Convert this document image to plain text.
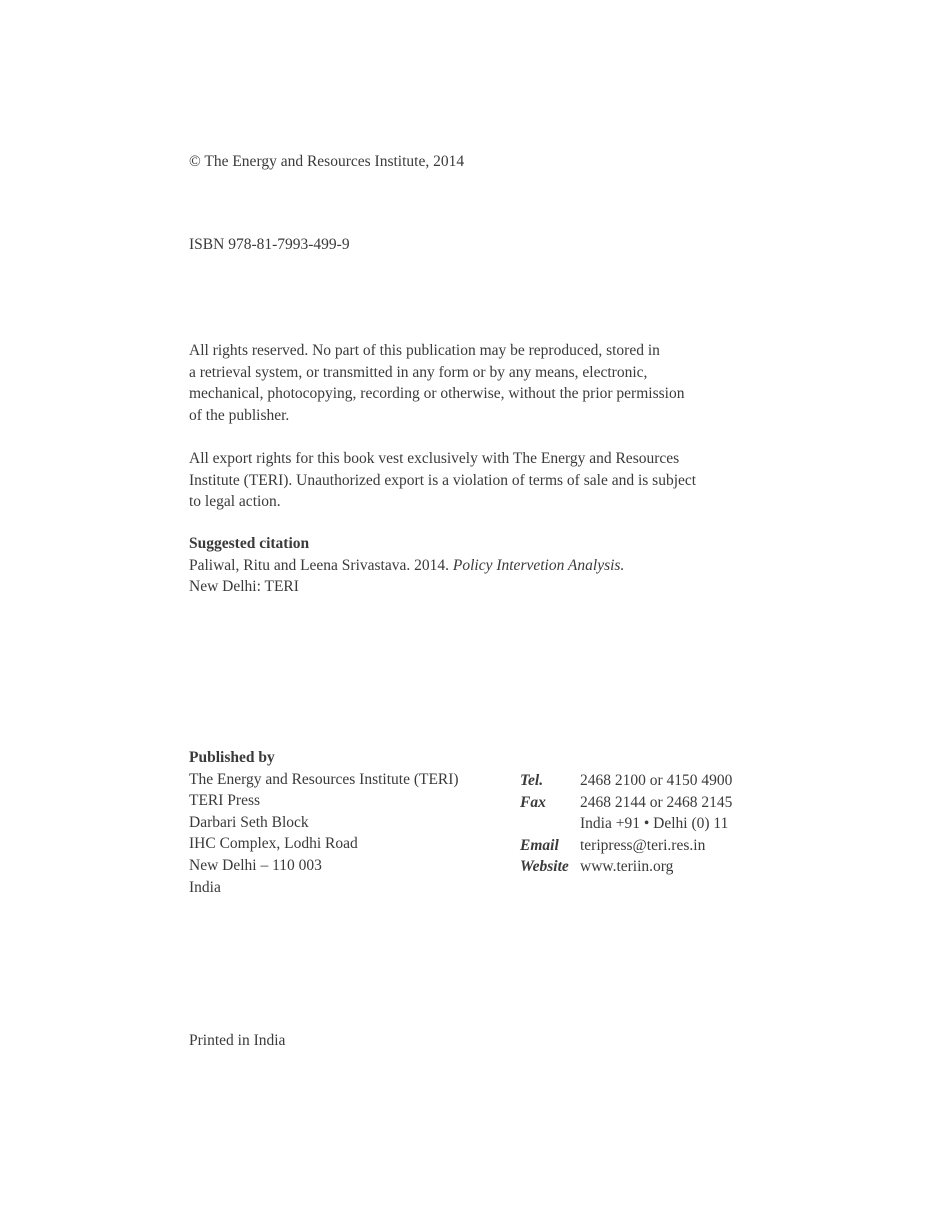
© The Energy and Resources Institute, 2014
ISBN 978-81-7993-499-9
All rights reserved. No part of this publication may be reproduced, stored in
a retrieval system, or transmitted in any form or by any means, electronic,
mechanical, photocopying, recording or otherwise, without the prior permission
of the publisher.
All export rights for this book vest exclusively with The Energy and Resources
Institute (TERI). Unauthorized export is a violation of terms of sale and is subject
to legal action.
Suggested citation
Paliwal, Ritu and Leena Srivastava. 2014. Policy Intervetion Analysis.
New Delhi: TERI
Published by
The Energy and Resources Institute (TERI)
TERI Press
Darbari Seth Block
IHC Complex, Lodhi Road
New Delhi – 110 003
India
Tel.	2468 2100 or 4150 4900
Fax	2468 2144 or 2468 2145
India +91 • Delhi (0) 11
Email	teripress@teri.res.in
Website www.teriin.org
Printed in India
